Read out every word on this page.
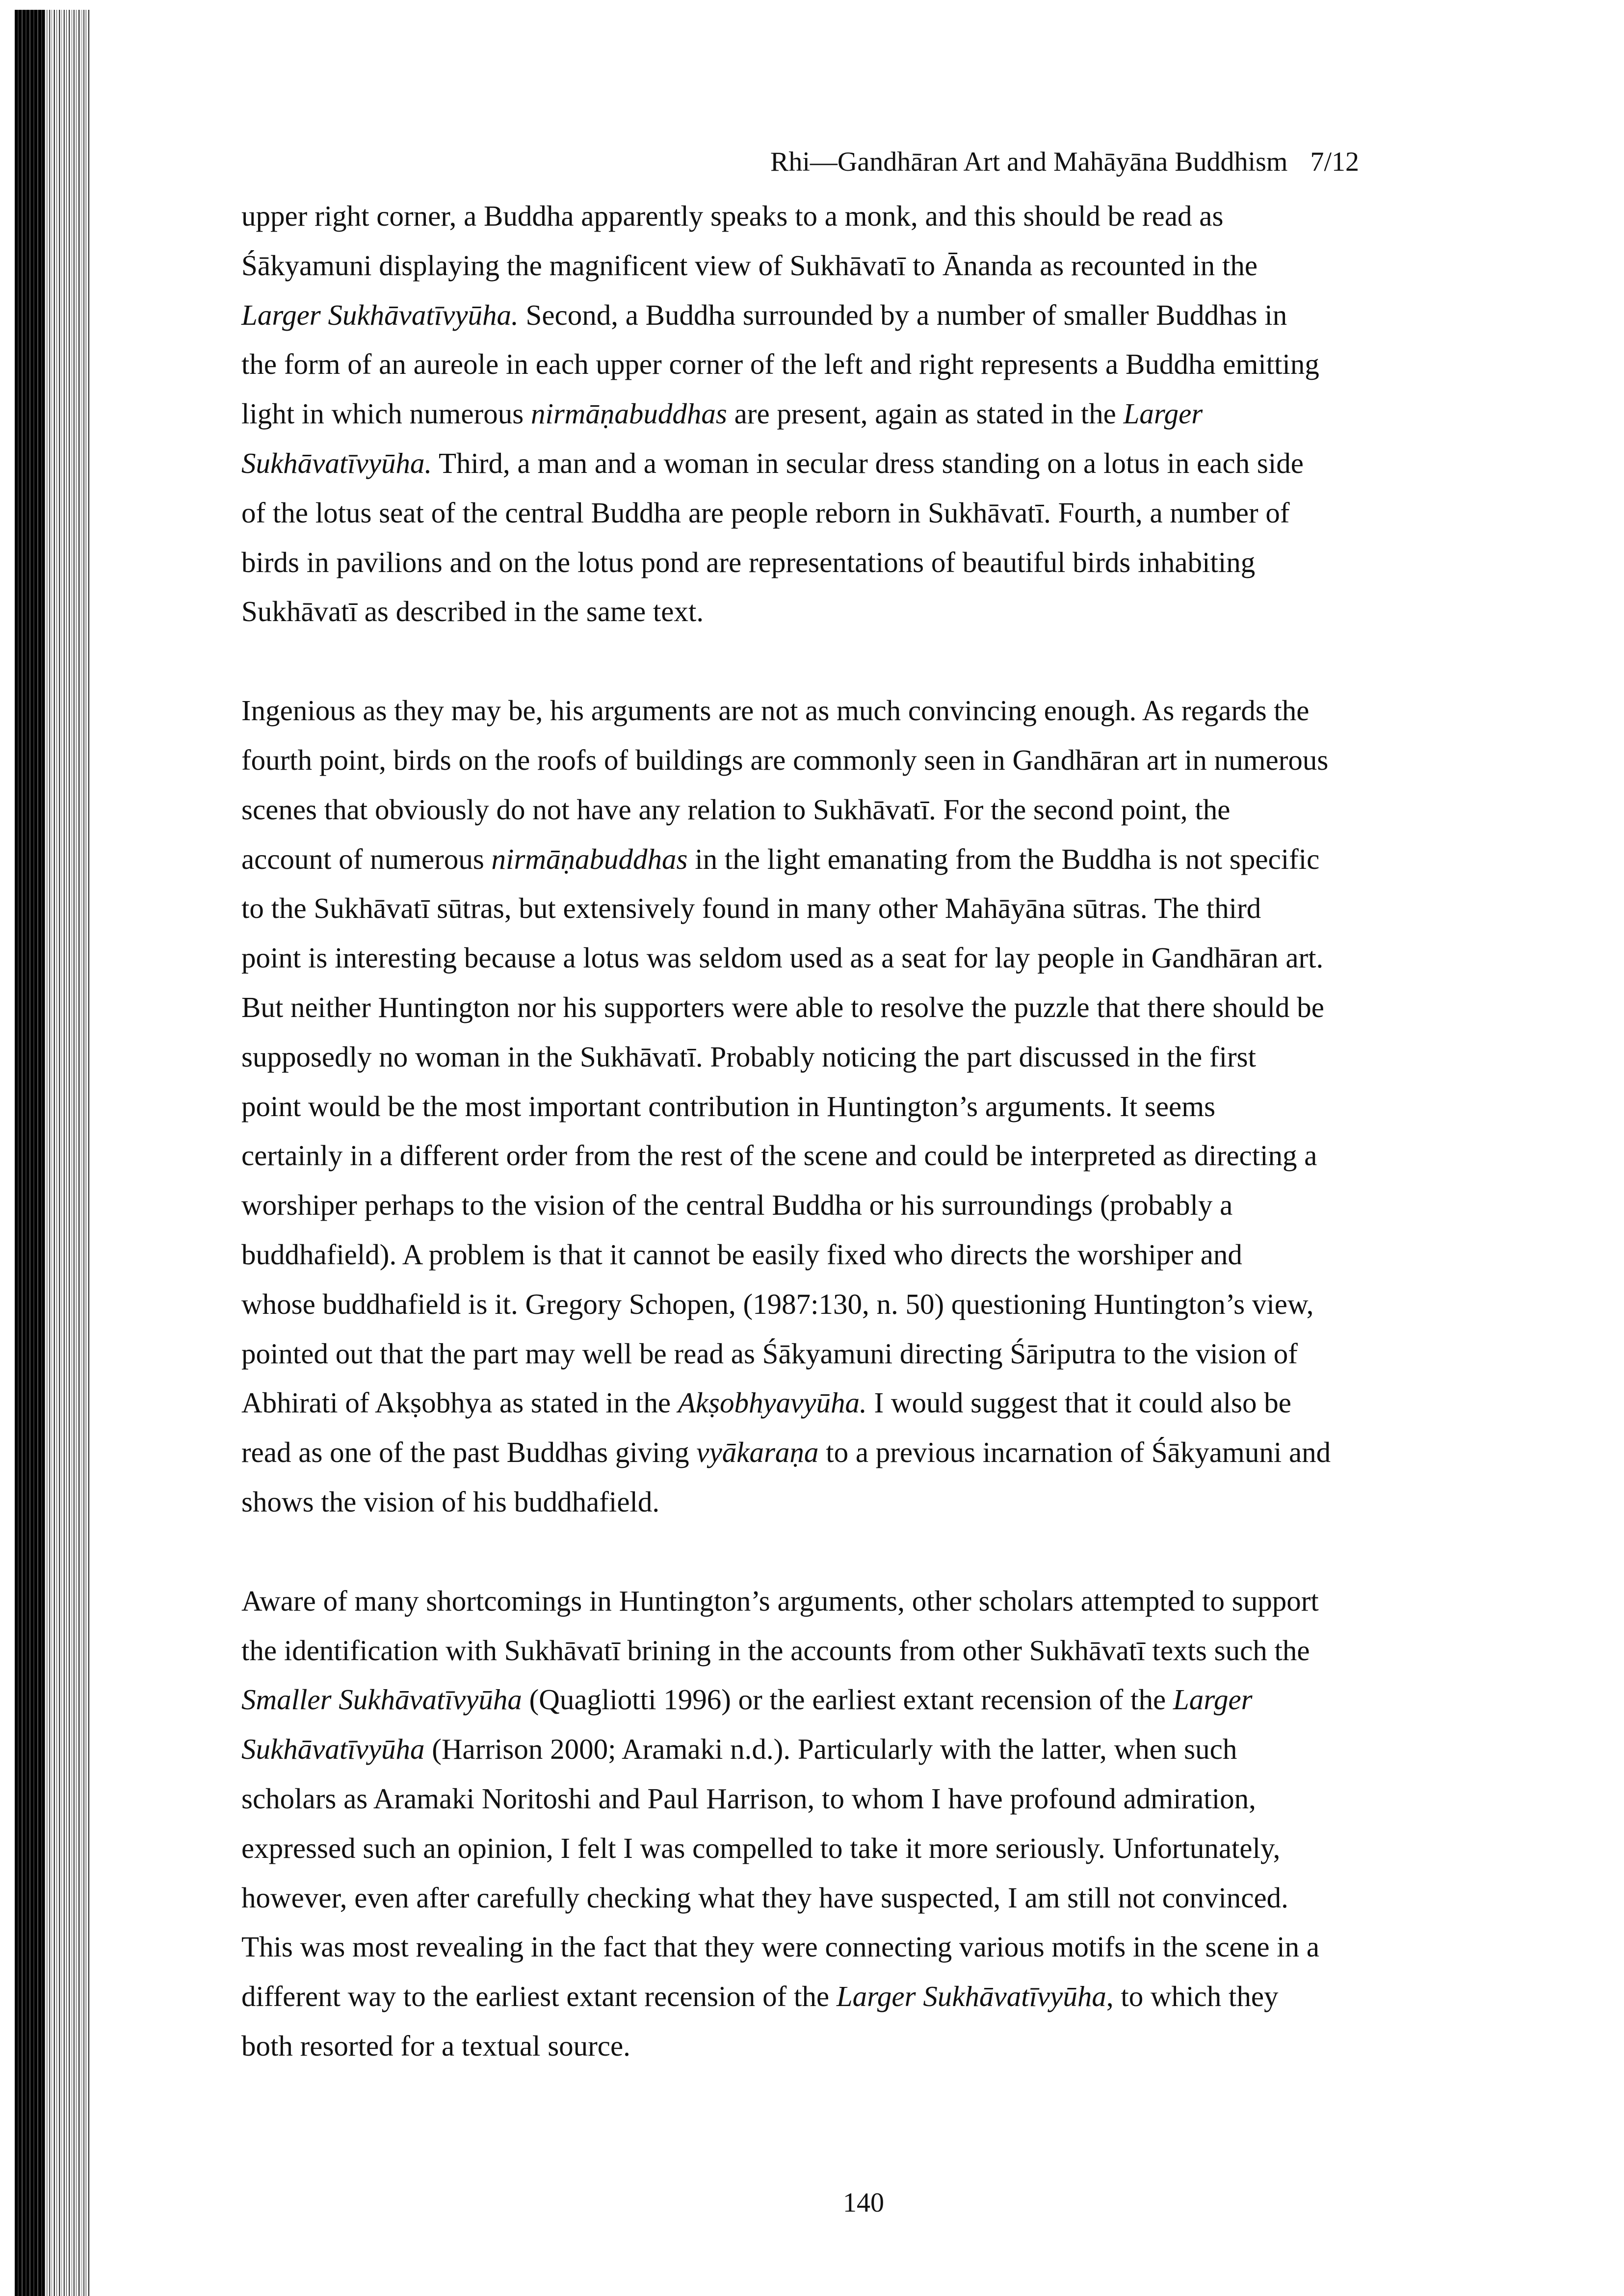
Rhi—Gandhāran Art and Mahāyāna Buddhism 7/12
upper right corner, a Buddha apparently speaks to a monk, and this should be read as
Śākyamuni displaying the magnificent view of Sukhāvatī to Ānanda as recounted in the
Larger Sukhāvatīvyūha. Second, a Buddha surrounded by a number of smaller Buddhas in
the form of an aureole in each upper corner of the left and right represents a Buddha emitting
light in which numerous nirmāṇabuddhas are present, again as stated in the Larger
Sukhāvatīvyūha. Third, a man and a woman in secular dress standing on a lotus in each side
of the lotus seat of the central Buddha are people reborn in Sukhāvatī. Fourth, a number of
birds in pavilions and on the lotus pond are representations of beautiful birds inhabiting
Sukhāvatī as described in the same text.
Ingenious as they may be, his arguments are not as much convincing enough. As regards the
fourth point, birds on the roofs of buildings are commonly seen in Gandhāran art in numerous
scenes that obviously do not have any relation to Sukhāvatī. For the second point, the
account of numerous nirmāṇabuddhas in the light emanating from the Buddha is not specific
to the Sukhāvatī sūtras, but extensively found in many other Mahāyāna sūtras. The third
point is interesting because a lotus was seldom used as a seat for lay people in Gandhāran art.
But neither Huntington nor his supporters were able to resolve the puzzle that there should be
supposedly no woman in the Sukhāvatī. Probably noticing the part discussed in the first
point would be the most important contribution in Huntington’s arguments. It seems
certainly in a different order from the rest of the scene and could be interpreted as directing a
worshiper perhaps to the vision of the central Buddha or his surroundings (probably a
buddhafield). A problem is that it cannot be easily fixed who directs the worshiper and
whose buddhafield is it. Gregory Schopen, (1987:130, n. 50) questioning Huntington’s view,
pointed out that the part may well be read as Śākyamuni directing Śāriputra to the vision of
Abhirati of Akṣobhya as stated in the Akṣobhyavyūha. I would suggest that it could also be
read as one of the past Buddhas giving vyākaraṇa to a previous incarnation of Śākyamuni and
shows the vision of his buddhafield.
Aware of many shortcomings in Huntington’s arguments, other scholars attempted to support
the identification with Sukhāvatī brining in the accounts from other Sukhāvatī texts such the
Smaller Sukhāvatīvyūha (Quagliotti 1996) or the earliest extant recension of the Larger
Sukhāvatīvyūha (Harrison 2000; Aramaki n.d.). Particularly with the latter, when such
scholars as Aramaki Noritoshi and Paul Harrison, to whom I have profound admiration,
expressed such an opinion, I felt I was compelled to take it more seriously. Unfortunately,
however, even after carefully checking what they have suspected, I am still not convinced.
This was most revealing in the fact that they were connecting various motifs in the scene in a
different way to the earliest extant recension of the Larger Sukhāvatīvyūha, to which they
both resorted for a textual source.
140
